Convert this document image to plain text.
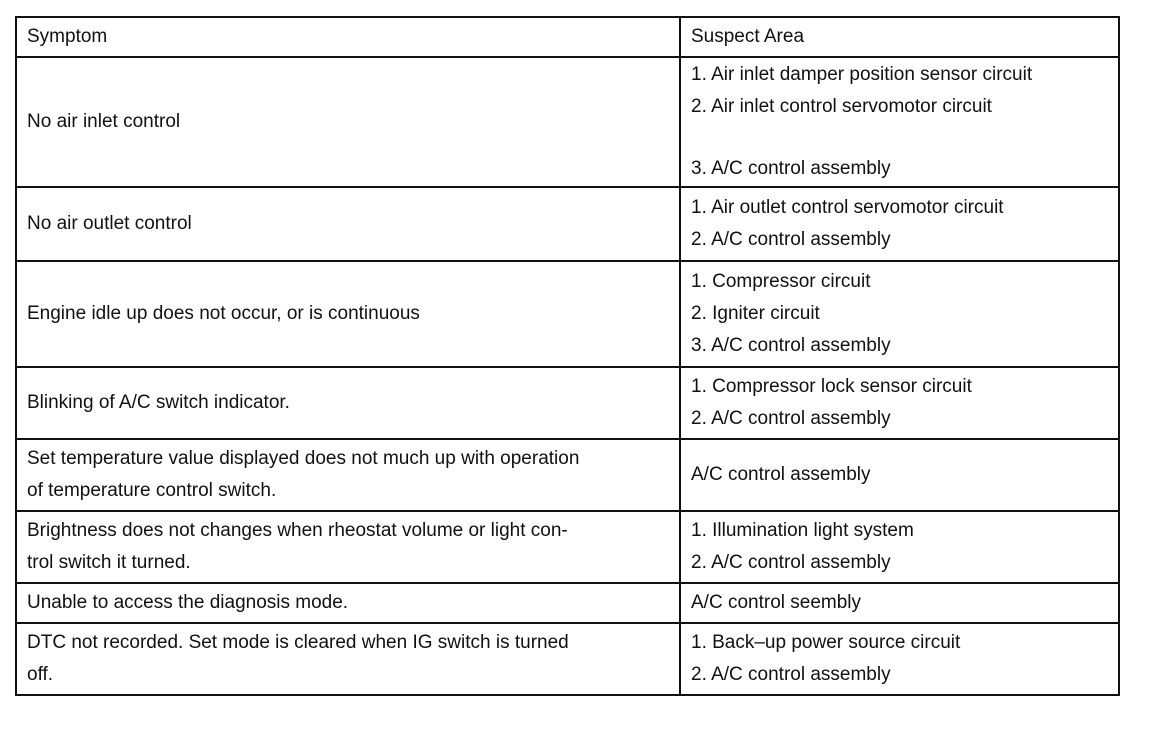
Symptom	Suspect Area
No air inlet control	1. Air inlet damper position sensor circuit
2. Air inlet control servomotor circuit
3. A/C control assembly

No air outlet control	1. Air outlet control servomotor circuit
2. A/C control assembly

Engine idle up does not occur, or is continuous	1. Compressor circuit
2. Igniter circuit
3. A/C control assembly

Blinking of A/C switch indicator.	1. Compressor lock sensor circuit
2. A/C control assembly

Set temperature value displayed does not much up with operation
of temperature control switch.	A/C control assembly

Brightness does not changes when rheostat volume or light con-
trol switch it turned.	1. Illumination light system
2. A/C control assembly

Unable to access the diagnosis mode.	A/C control seembly

DTC not recorded. Set mode is cleared when IG switch is turned
off.	1. Back–up power source circuit
2. A/C control assembly
